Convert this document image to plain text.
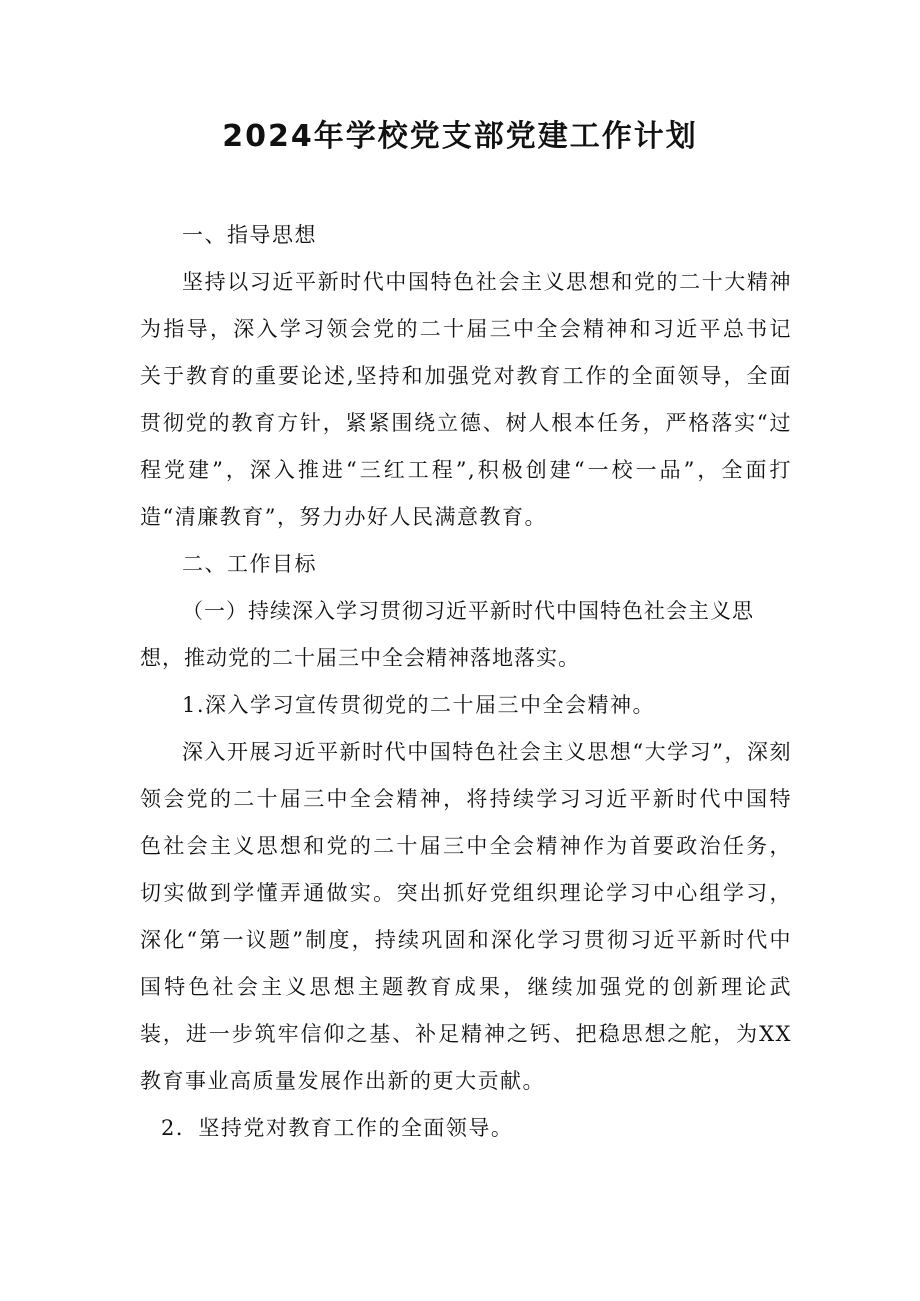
2024年学校党支部党建工作计划

一、指导思想

坚持以习近平新时代中国特色社会主义思想和党的二十大精神为指导，深入学习领会党的二十届三中全会精神和习近平总书记关于教育的重要论述,坚持和加强党对教育工作的全面领导，全面贯彻党的教育方针，紧紧围绕立德、树人根本任务，严格落实“过程党建”，深入推进“三红工程”,积极创建“一校一品”，全面打造“清廉教育”，努力办好人民满意教育。

二、工作目标

（一）持续深入学习贯彻习近平新时代中国特色社会主义思想，推动党的二十届三中全会精神落地落实。

1.深入学习宣传贯彻党的二十届三中全会精神。

深入开展习近平新时代中国特色社会主义思想“大学习”，深刻领会党的二十届三中全会精神，将持续学习习近平新时代中国特色社会主义思想和党的二十届三中全会精神作为首要政治任务，切实做到学懂弄通做实。突出抓好党组织理论学习中心组学习，深化“第一议题”制度，持续巩固和深化学习贯彻习近平新时代中国特色社会主义思想主题教育成果，继续加强党的创新理论武装，进一步筑牢信仰之基、补足精神之钙、把稳思想之舵，为XX教育事业高质量发展作出新的更大贡献。

2．坚持党对教育工作的全面领导。
